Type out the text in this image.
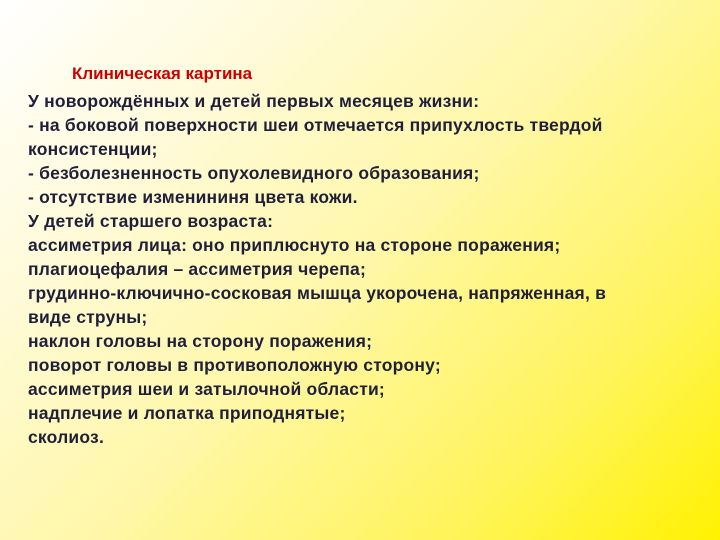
Клиническая картина
У новорождённых и детей первых месяцев жизни:
- на боковой поверхности шеи отмечается припухлость твердой
консистенции;
- безболезненность опухолевидного образования;
- отсутствие изменининя цвета кожи.
У детей старшего возраста:
ассиметрия лица: оно приплюснуто на стороне поражения;
плагиоцефалия – ассиметрия черепа;
грудинно-ключично-сосковая мышца укорочена, напряженная, в
виде струны;
наклон головы на сторону поражения;
поворот головы в противоположную сторону;
ассиметрия шеи и затылочной области;
надплечие и лопатка приподнятые;
сколиоз.
